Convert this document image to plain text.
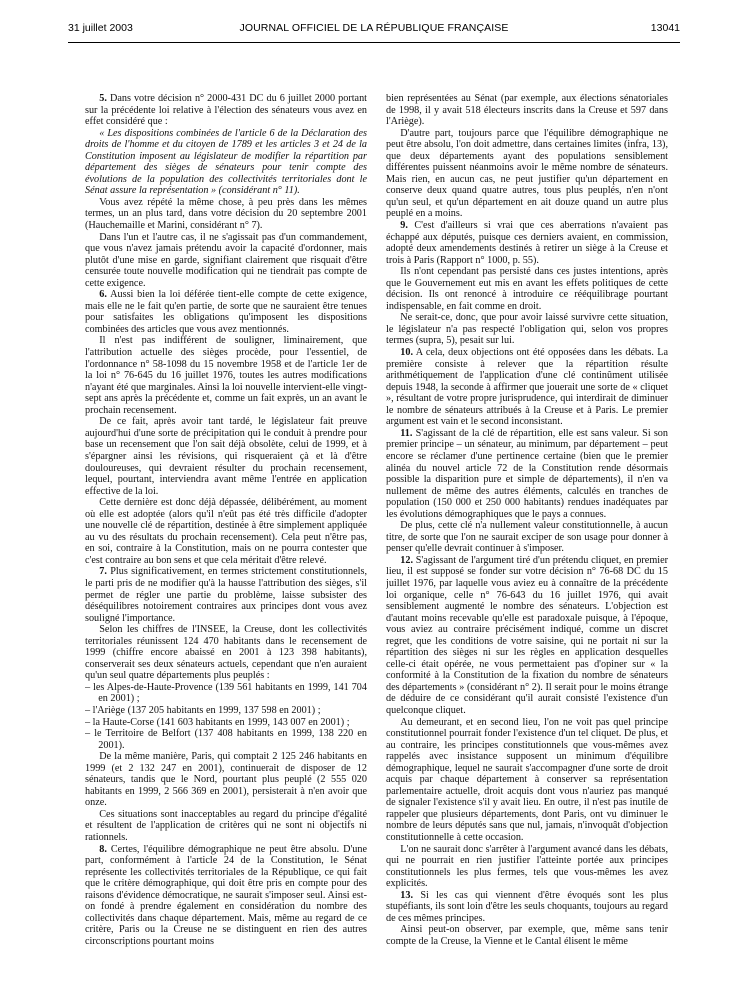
31 juillet 2003	JOURNAL OFFICIEL DE LA RÉPUBLIQUE FRANÇAISE	13041

5. Dans votre décision n° 2000-431 DC du 6 juillet 2000 portant sur la précédente loi relative à l'élection des sénateurs vous avez en effet considéré que :

« Les dispositions combinées de l'article 6 de la Déclaration des droits de l'homme et du citoyen de 1789 et les articles 3 et 24 de la Constitution imposent au législateur de modifier la répartition par département des sièges de sénateurs pour tenir compte des évolutions de la population des collectivités territoriales dont le Sénat assure la représentation » (considérant n° 11).

Vous avez répété la même chose, à peu près dans les mêmes termes, un an plus tard, dans votre décision du 20 septembre 2001 (Hauchemaille et Marini, considérant n° 7).

Dans l'un et l'autre cas, il ne s'agissait pas d'un commandement, que vous n'avez jamais prétendu avoir la capacité d'ordonner, mais plutôt d'une mise en garde, signifiant clairement que risquait d'être censurée toute nouvelle modification qui ne tiendrait pas compte de cette exigence.

6. Aussi bien la loi déférée tient-elle compte de cette exigence, mais elle ne le fait qu'en partie, de sorte que ne sauraient être tenues pour satisfaites les obligations qu'imposent les dispositions combinées des articles que vous avez mentionnés.

Il n'est pas indifférent de souligner, liminairement, que l'attribution actuelle des sièges procède, pour l'essentiel, de l'ordonnance n° 58-1098 du 15 novembre 1958 et de l'article 1er de la loi n° 76-645 du 16 juillet 1976, toutes les autres modifications n'ayant été que marginales. Ainsi la loi nouvelle intervient-elle vingt-sept ans après la précédente et, comme un fait exprès, un an avant le prochain recensement.

De ce fait, après avoir tant tardé, le législateur fait preuve aujourd'hui d'une sorte de précipitation qui le conduit à prendre pour base un recensement que l'on sait déjà obsolète, celui de 1999, et à s'épargner ainsi les révisions, qui risqueraient çà et là d'être douloureuses, qui devraient résulter du prochain recensement, lequel, pourtant, interviendra avant même l'entrée en application effective de la loi.

Cette dernière est donc déjà dépassée, délibérément, au moment où elle est adoptée (alors qu'il n'eût pas été très difficile d'adopter une nouvelle clé de répartition, destinée à être simplement appliquée au vu des résultats du prochain recensement). Cela peut n'être pas, en soi, contraire à la Constitution, mais on ne pourra contester que c'est contraire au bon sens et que cela méritait d'être relevé.

7. Plus significativement, en termes strictement constitutionnels, le parti pris de ne modifier qu'à la hausse l'attribution des sièges, s'il permet de régler une partie du problème, laisse subsister des déséquilibres notoirement contraires aux principes dont vous avez souligné l'importance.

Selon les chiffres de l'INSEE, la Creuse, dont les collectivités territoriales réunissent 124 470 habitants dans le recensement de 1999 (chiffre encore abaissé en 2001 à 123 398 habitants), conserverait ses deux sénateurs actuels, cependant que n'en auraient qu'un seul quatre départements plus peuplés :

– les Alpes-de-Haute-Provence (139 561 habitants en 1999, 141 704 en 2001) ;
– l'Ariège (137 205 habitants en 1999, 137 598 en 2001) ;
– la Haute-Corse (141 603 habitants en 1999, 143 007 en 2001) ;
– le Territoire de Belfort (137 408 habitants en 1999, 138 220 en 2001).

De la même manière, Paris, qui comptait 2 125 246 habitants en 1999 (et 2 132 247 en 2001), continuerait de disposer de 12 sénateurs, tandis que le Nord, pourtant plus peuplé (2 555 020 habitants en 1999, 2 566 369 en 2001), persisterait à n'en avoir que onze.

Ces situations sont inacceptables au regard du principe d'égalité et résultent de l'application de critères qui ne sont ni objectifs ni rationnels.

8. Certes, l'équilibre démographique ne peut être absolu. D'une part, conformément à l'article 24 de la Constitution, le Sénat représente les collectivités territoriales de la République, ce qui fait que le critère démographique, qui doit être pris en compte pour des raisons d'évidence démocratique, ne saurait s'imposer seul. Ainsi est-on fondé à prendre également en considération du nombre des collectivités dans chaque département. Mais, même au regard de ce critère, Paris ou la Creuse ne se distinguent en rien des autres circonscriptions pourtant moins

bien représentées au Sénat (par exemple, aux élections sénatoriales de 1998, il y avait 518 électeurs inscrits dans la Creuse et 597 dans l'Ariège).

D'autre part, toujours parce que l'équilibre démographique ne peut être absolu, l'on doit admettre, dans certaines limites (infra, 13), que deux départements ayant des populations sensiblement différentes puissent néanmoins avoir le même nombre de sénateurs. Mais rien, en aucun cas, ne peut justifier qu'un département en conserve deux quand quatre autres, tous plus peuplés, n'en n'ont qu'un seul, et qu'un département en ait douze quand un autre plus peuplé en a moins.

9. C'est d'ailleurs si vrai que ces aberrations n'avaient pas échappé aux députés, puisque ces derniers avaient, en commission, adopté deux amendements destinés à retirer un siège à la Creuse et trois à Paris (Rapport n° 1000, p. 55).

Ils n'ont cependant pas persisté dans ces justes intentions, après que le Gouvernement eut mis en avant les effets politiques de cette décision. Ils ont renoncé à introduire ce rééquilibrage pourtant indispensable, en fait comme en droit.

Ne serait-ce, donc, que pour avoir laissé survivre cette situation, le législateur n'a pas respecté l'obligation qui, selon vos propres termes (supra, 5), pesait sur lui.

10. A cela, deux objections ont été opposées dans les débats. La première consiste à relever que la répartition résulte arithmétiquement de l'application d'une clé continûment utilisée depuis 1948, la seconde à affirmer que jouerait une sorte de « cliquet », résultant de votre propre jurisprudence, qui interdirait de diminuer le nombre de sénateurs attribués à la Creuse et à Paris. Le premier argument est vain et le second inconsistant.

11. S'agissant de la clé de répartition, elle est sans valeur. Si son premier principe – un sénateur, au minimum, par département – peut encore se réclamer d'une pertinence certaine (bien que le premier alinéa du nouvel article 72 de la Constitution rende désormais possible la disparition pure et simple de départements), il n'en va nullement de même des autres éléments, calculés en tranches de population (150 000 et 250 000 habitants) rendues inadéquates par les évolutions démographiques que le pays a connues.

De plus, cette clé n'a nullement valeur constitutionnelle, à aucun titre, de sorte que l'on ne saurait exciper de son usage pour donner à penser qu'elle devrait continuer à s'imposer.

12. S'agissant de l'argument tiré d'un prétendu cliquet, en premier lieu, il est supposé se fonder sur votre décision n° 76-68 DC du 15 juillet 1976, par laquelle vous aviez eu à connaître de la précédente loi organique, celle n° 76-643 du 16 juillet 1976, qui avait sensiblement augmenté le nombre des sénateurs. L'objection est d'autant moins recevable qu'elle est paradoxale puisque, à l'époque, vous aviez au contraire précisément indiqué, comme un discret regret, que les conditions de votre saisine, qui ne portait ni sur la répartition des sièges ni sur les règles en application desquelles celle-ci était opérée, ne vous permettaient pas d'opiner sur « la conformité à la Constitution de la fixation du nombre de sénateurs des départements » (considérant n° 2). Il serait pour le moins étrange de déduire de ce considérant qu'il aurait consisté l'existence d'un quelconque cliquet.

Au demeurant, et en second lieu, l'on ne voit pas quel principe constitutionnel pourrait fonder l'existence d'un tel cliquet. De plus, et au contraire, les principes constitutionnels que vous-mêmes avez rappelés avec insistance supposent un minimum d'équilibre démographique, lequel ne saurait s'accompagner d'une sorte de droit acquis par chaque département à conserver sa représentation parlementaire actuelle, droit acquis dont vous n'auriez pas manqué de signaler l'existence s'il y avait lieu. En outre, il n'est pas inutile de rappeler que plusieurs départements, dont Paris, ont vu diminuer le nombre de leurs députés sans que nul, jamais, n'invoquât d'objection constitutionnelle à cette occasion.

L'on ne saurait donc s'arrêter à l'argument avancé dans les débats, qui ne pourrait en rien justifier l'atteinte portée aux principes constitutionnels les plus fermes, tels que vous-mêmes les avez explicités.

13. Si les cas qui viennent d'être évoqués sont les plus stupéfiants, ils sont loin d'être les seuls choquants, toujours au regard de ces mêmes principes.

Ainsi peut-on observer, par exemple, que, même sans tenir compte de la Creuse, la Vienne et le Cantal élisent le même
